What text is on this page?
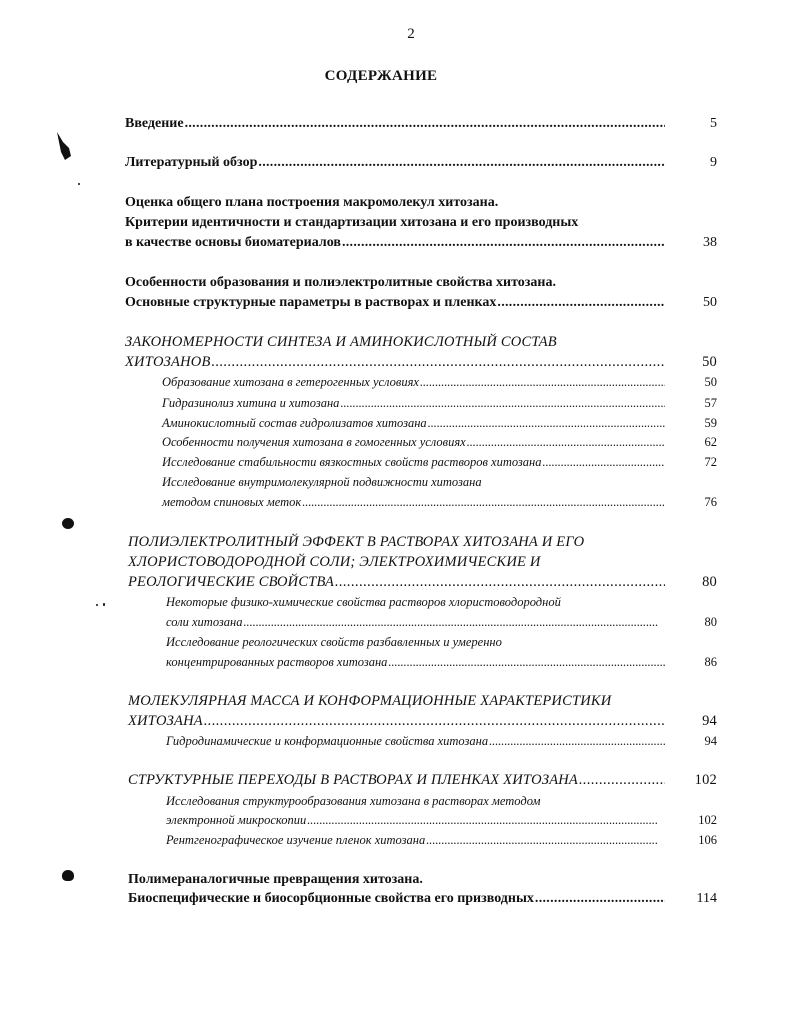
2
СОДЕРЖАНИЕ
Введение . . .	5
Литературный обзор . . .	9
Оценка общего плана построения макромолекул хитозана.
Критерии идентичности и стандартизации хитозана и его производных
в качестве основы биоматериалов . . .	38
Особенности образования и полиэлектролитные свойства хитозана.
Основные структурные параметры в растворах и пленках . . .	50
ЗАКОНОМЕРНОСТИ СИНТЕЗА И АМИНОКИСЛОТНЫЙ СОСТАВ
ХИТОЗАНОВ . . .	50
Образование хитозана в гетерогенных условиях . . .	50
Гидразинолиз хитина и хитозана . . .	57
Аминокислотный состав гидролизатов хитозана . . .	59
Особенности получения хитозана в гомогенных условиях . . .	62
Исследование стабильности вязкостных свойств растворов хитозана . . .	72
Исследование внутримолекулярной подвижности хитозана
методом спиновых меток . . .	76
ПОЛИЭЛЕКТРОЛИТНЫЙ ЭФФЕКТ В РАСТВОРАХ ХИТОЗАНА И ЕГО
ХЛОРИСТОВОДОРОДНОЙ СОЛИ; ЭЛЕКТРОХИМИЧЕСКИЕ И
РЕОЛОГИЧЕСКИЕ СВОЙСТВА . . .	80
Некоторые физико-химические свойства растворов хлористоводородной
соли хитозана . . .	80
Исследование реологических свойств разбавленных и умеренно
концентрированных растворов хитозана . . .	86
МОЛЕКУЛЯРНАЯ МАССА И КОНФОРМАЦИОННЫЕ ХАРАКТЕРИСТИКИ
ХИТОЗАНА . . .	94
Гидродинамические и конформационные свойства хитозана . . .	94
СТРУКТУРНЫЕ ПЕРЕХОДЫ В РАСТВОРАХ И ПЛЕНКАХ ХИТОЗАНА . . .	102
Исследования структурообразования хитозана в растворах методом
электронной микроскопии . . .	102
Рентгенографическое изучение пленок хитозана . . .	106
Полимераналогичные превращения хитозана.
Биоспецифические и биосорбционные свойства его призводных . . .	114
